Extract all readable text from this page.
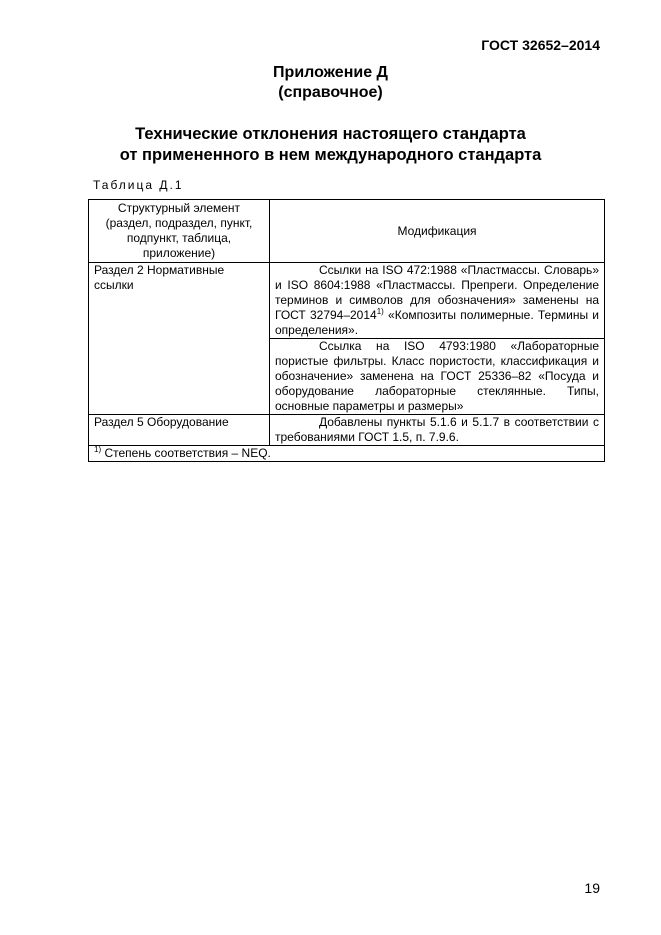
ГОСТ 32652–2014
Приложение Д
(справочное)
Технические отклонения настоящего стандарта
от примененного в нем международного стандарта
Таблица Д.1
Структурный элемент (раздел, подраздел, пункт, подпункт, таблица, приложение)	Модификация
Раздел 2 Нормативные ссылки	Ссылки на ISO 472:1988 «Пластмассы. Словарь» и ISO 8604:1988 «Пластмассы. Препреги. Определение терминов и символов для обозначения» заменены на ГОСТ 32794–2014$^{1)}$ «Композиты полимерные. Термины и определения».
	Ссылка на ISO 4793:1980 «Лабораторные пористые фильтры. Класс пористости, классификация и обозначение» заменена на ГОСТ 25336–82 «Посуда и оборудование лабораторные стеклянные. Типы, основные параметры и размеры»
Раздел 5 Оборудование	Добавлены пункты 5.1.6 и 5.1.7 в соответствии с требованиями ГОСТ 1.5, п. 7.9.6.
$^{1)}$ Степень соответствия – NEQ.	
19
